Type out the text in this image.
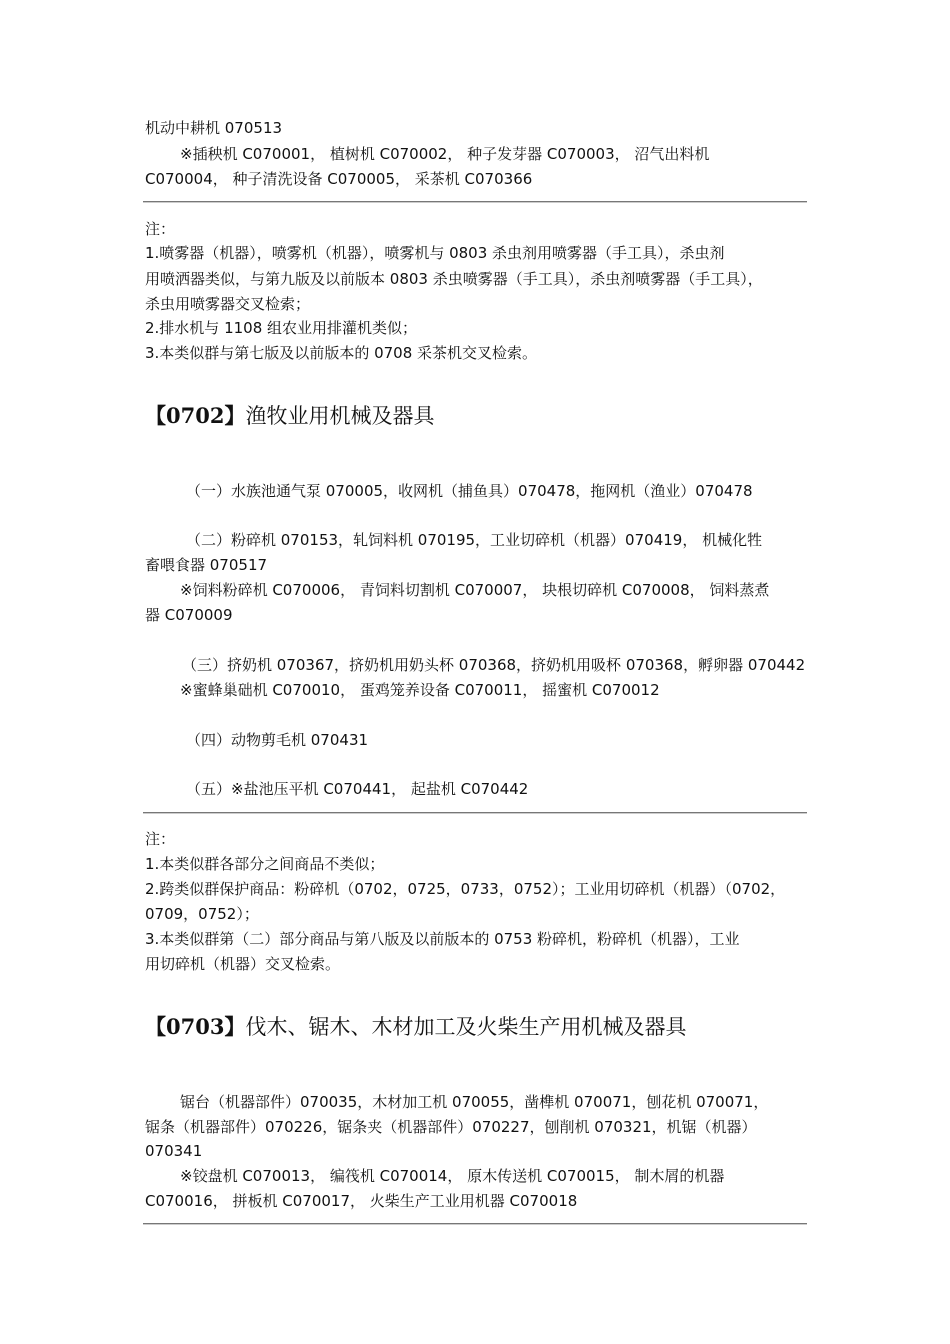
机动中耕机 070513
※插秧机 C070001， 植树机 C070002， 种子发芽器 C070003， 沼气出料机
C070004， 种子清洗设备 C070005， 采茶机 C070366
注：
1.喷雾器（机器），喷雾机（机器），喷雾机与 0803 杀虫剂用喷雾器（手工具），杀虫剂
用喷洒器类似，与第九版及以前版本 0803 杀虫喷雾器（手工具），杀虫剂喷雾器（手工具），
杀虫用喷雾器交叉检索；
2.排水机与 1108 组农业用排灌机类似；
3.本类似群与第七版及以前版本的 0708 采茶机交叉检索。
【0702】渔牧业用机械及器具
（一）水族池通气泵 070005，收网机（捕鱼具）070478，拖网机（渔业）070478
（二）粉碎机 070153，轧饲料机 070195，工业切碎机（机器）070419， 机械化牲
畜喂食器 070517
※饲料粉碎机 C070006， 青饲料切割机 C070007， 块根切碎机 C070008， 饲料蒸煮
器 C070009
（三）挤奶机 070367，挤奶机用奶头杯 070368，挤奶机用吸杯 070368，孵卵器 070442
※蜜蜂巢础机 C070010， 蛋鸡笼养设备 C070011， 摇蜜机 C070012
（四）动物剪毛机 070431
（五）※盐池压平机 C070441， 起盐机 C070442
注：
1.本类似群各部分之间商品不类似；
2.跨类似群保护商品：粉碎机（0702，0725，0733，0752）；工业用切碎机（机器）（0702，
0709，0752）；
3.本类似群第（二）部分商品与第八版及以前版本的 0753 粉碎机，粉碎机（机器），工业
用切碎机（机器）交叉检索。
【0703】伐木、锯木、木材加工及火柴生产用机械及器具
锯台（机器部件）070035，木材加工机 070055，凿榫机 070071，刨花机 070071，
锯条（机器部件）070226，锯条夹（机器部件）070227，刨削机 070321，机锯（机器）
070341
※铰盘机 C070013， 编筏机 C070014， 原木传送机 C070015， 制木屑的机器
C070016， 拼板机 C070017， 火柴生产工业用机器 C070018
